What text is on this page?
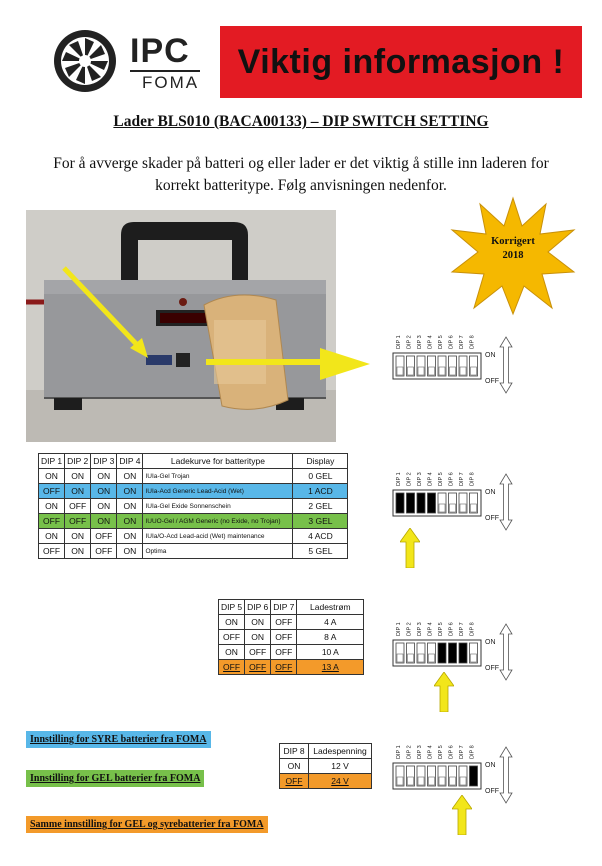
IPC
FOMA
Viktig informasjon !
Lader BLS010 (BACA00133) – DIP SWITCH SETTING
For å avverge skader på batteri og eller lader er det viktig å stille inn laderen for
korrekt batteritype. Følg anvisningen nedenfor.
Korrigert
2018
DIP 1 DIP 2 DIP 3 DIP 4 DIP 5 DIP 6 DIP 7 DIP 8
ON
OFF
DIP 1 DIP 2 DIP 3 DIP 4 DIP 5 DIP 6 DIP 7 DIP 8
ON
OFF
DIP 1 DIP 2 DIP 3 DIP 4 DIP 5 DIP 6 DIP 7 DIP 8
ON
OFF
DIP 1 DIP 2 DIP 3 DIP 4 DIP 5 DIP 6 DIP 7 DIP 8
ON
OFF
DIP 1	DIP 2	DIP 3	DIP 4	Ladekurve for batteritype	Display
ON	ON	ON	ON	IUIa-Gel Trojan	0 GEL
OFF	ON	ON	ON	IUIa-Acd Generic Lead-Acid (Wet)	1 ACD
ON	OFF	ON	ON	IUIa-Gel Exide Sonnenschein	2 GEL
OFF	OFF	ON	ON	IUUO-Gel / AGM Generic (no Exide, no Trojan)	3 GEL
ON	ON	OFF	ON	IUIa/O-Acd Lead-acid (Wet) maintenance	4 ACD
OFF	ON	OFF	ON	Optima	5 GEL
DIP 5	DIP 6	DIP 7	Ladestrøm
ON	ON	OFF	4 A
OFF	ON	OFF	8 A
ON	OFF	OFF	10 A
OFF	OFF	OFF	13 A
DIP 8	Ladespenning
ON	12 V
OFF	24 V
Innstilling for SYRE batterier fra FOMA
Innstilling for GEL batterier fra FOMA
Samme innstilling for GEL og syrebatterier fra FOMA
